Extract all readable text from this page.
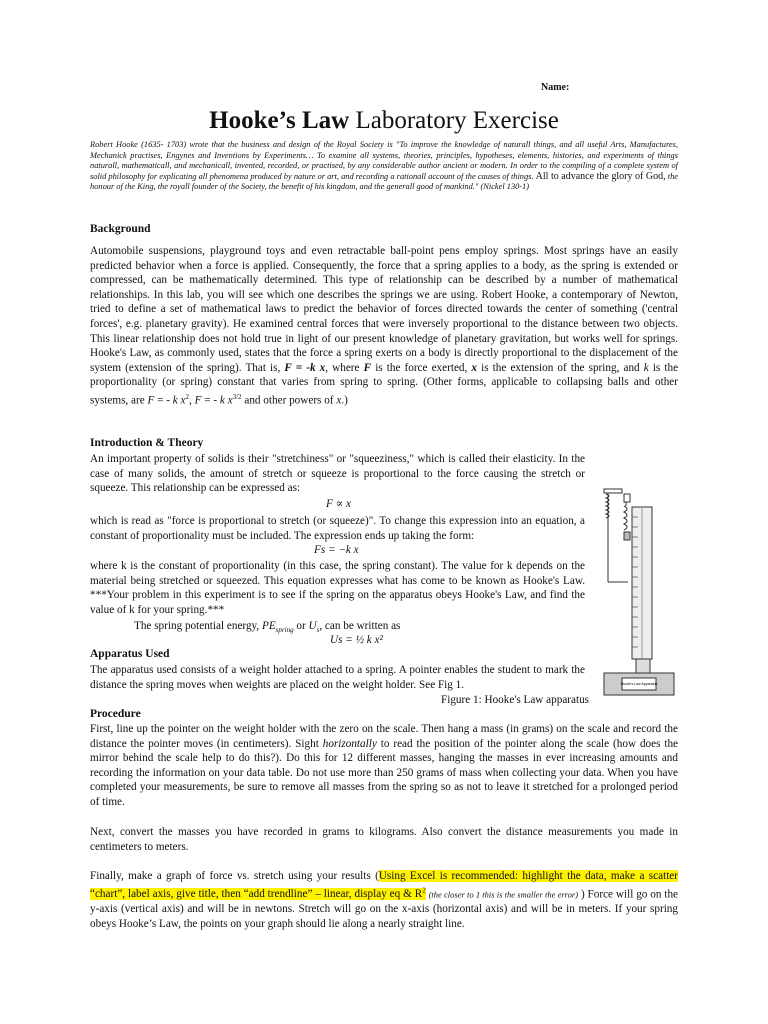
Name:
Hooke’s Law Laboratory Exercise
Robert Hooke (1635- 1703) wrote that the business and design of the Royal Society is "To improve the knowledge of naturall things, and all useful Arts, Manufactures, Mechanick practises, Engynes and Inventions by Experiments… To examine all systems, theories, principles, hypotheses, elements, histories, and experiments of things naturall, mathematicall, and mechanicall, invented, recorded, or practised, by any considerable author ancient or modern. In order to the compiling of a complete system of solid philosophy for explicating all phenomena produced by nature or art, and recording a rationall account of the causes of things. All to advance the glory of God, the honour of the King, the royall founder of the Society, the benefit of his kingdom, and the generall good of mankind." (Nickel 130-1)
Background
Automobile suspensions, playground toys and even retractable ball-point pens employ springs. Most springs have an easily predicted behavior when a force is applied. Consequently, the force that a spring applies to a body, as the spring is extended or compressed, can be mathematically determined. This type of relationship can be described by a number of mathematical relationships. In this lab, you will see which one describes the springs we are using. Robert Hooke, a contemporary of Newton, tried to define a set of mathematical laws to predict the behavior of forces directed towards the center of something ('central forces', e.g. planetary gravity). He examined central forces that were inversely proportional to the distance between two objects. This linear relationship does not hold true in light of our present knowledge of planetary gravitation, but works well for springs. Hooke's Law, as commonly used, states that the force a spring exerts on a body is directly proportional to the displacement of the system (extension of the spring). That is, F = -k x, where F is the force exerted, x is the extension of the spring, and k is the proportionality (or spring) constant that varies from spring to spring. (Other forms, applicable to collapsing balls and other systems, are F = - k $x^2$, F = - k $x^{3/2}$ and other powers of x.)
Introduction & Theory
An important property of solids is their "stretchiness" or "squeeziness," which is called their elasticity. In the case of many solids, the amount of stretch or squeeze is proportional to the force causing the stretch or squeeze. This relationship can be expressed as:
F ∝ x
which is read as "force is proportional to stretch (or squeeze)". To change this expression into an equation, a constant of proportionality must be included. The expression ends up taking the form:
Fs = −k x
where k is the constant of proportionality (in this case, the spring constant). The value for k depends on the material being stretched or squeezed. This equation expresses what has come to be known as Hooke's Law. ***Your problem in this experiment is to see if the spring on the apparatus obeys Hooke's Law, and find the value of k for your spring.***
The spring potential energy, $PE_{spring}$ or $U_s$, can be written as
Us = ½ k x²
Apparatus Used
The apparatus used consists of a weight holder attached to a spring. A pointer enables the student to mark the distance the spring moves when weights are placed on the weight holder. See Fig 1.
Figure 1: Hooke's Law apparatus
Hooke's Law Apparatus
Procedure
First, line up the pointer on the weight holder with the zero on the scale. Then hang a mass (in grams) on the scale and record the distance the pointer moves (in centimeters). Sight horizontally to read the position of the pointer along the scale (how does the mirror behind the scale help to do this?). Do this for 12 different masses, hanging the masses in ever increasing amounts and recording the information on your data table. Do not use more than 250 grams of mass when collecting your data. When you have completed your measurements, be sure to remove all masses from the spring so as not to leave it stretched for a prolonged period of time.
Next, convert the masses you have recorded in grams to kilograms. Also convert the distance measurements you made in centimeters to meters.
Finally, make a graph of force vs. stretch using your results (Using Excel is recommended: highlight the data, make a scatter “chart”, label axis, give title, then “add trendline” – linear, display eq & $R^2$ (the closer to 1 this is the smaller the error) ) Force will go on the y-axis (vertical axis) and will be in newtons. Stretch will go on the x-axis (horizontal axis) and will be in meters. If your spring obeys Hooke’s Law, the points on your graph should lie along a nearly straight line.
